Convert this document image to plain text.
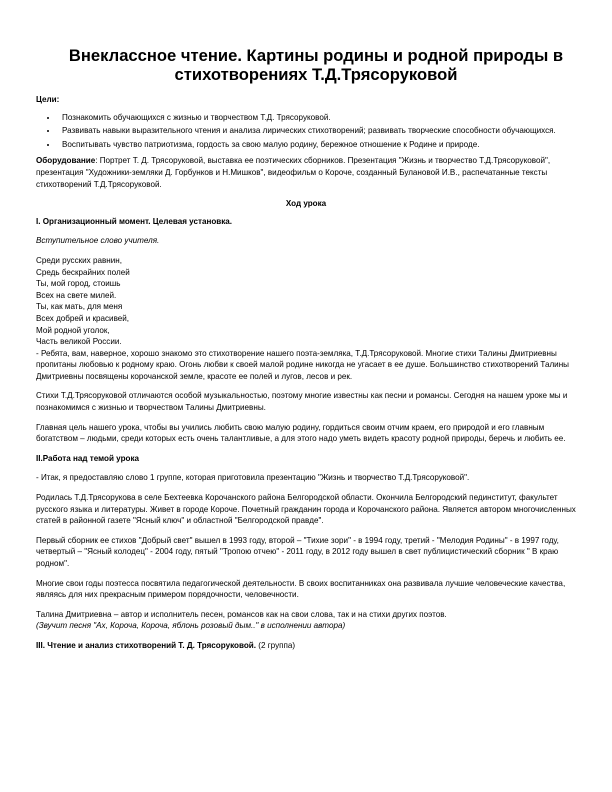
Внеклассное чтение. Картины родины и родной природы в стихотворениях Т.Д.Трясоруковой
Цели:
• Познакомить обучающихся с жизнью и творчеством Т.Д. Трясоруковой.
• Развивать навыки выразительного чтения и анализа лирических стихотворений; развивать творческие способности обучающихся.
• Воспитывать чувство патриотизма, гордость за свою малую родину, бережное отношение к Родине и природе.

Оборудование: Портрет Т. Д. Трясоруковой, выставка ее поэтических сборников. Презентация "Жизнь и творчество Т.Д.Трясоруковой", презентация "Художники-земляки Д. Горбунков и Н.Мишков", видеофильм о Короче, созданный Булановой И.В., распечатанные тексты стихотворений Т.Д.Трясоруковой.

Ход урока
I. Организационный момент. Целевая установка.

Вступительное слово учителя.

Среди русских равнин,
Средь бескрайних полей
Ты, мой город, стоишь
Всех на свете милей.
Ты, как мать, для меня
Всех добрей и красивей,
Мой родной уголок,
Часть великой России.

- Ребята, вам, наверное, хорошо знакомо это стихотворение нашего поэта-земляка, Т.Д.Трясоруковой. Многие стихи Талины Дмитриевны пропитаны любовью к родному краю. Огонь любви к своей малой родине никогда не угасает в ее душе. Большинство стихотворений Талины Дмитриевны посвящены корочанской земле, красоте ее полей и лугов, лесов и рек.

Стихи Т.Д.Трясоруковой отличаются особой музыкальностью, поэтому многие известны как песни и романсы. Сегодня на нашем уроке мы и познакомимся с жизнью и творчеством Талины Дмитриевны.

Главная цель нашего урока, чтобы вы учились любить свою малую родину, гордиться своим отчим краем, его природой и его главным богатством – людьми, среди которых есть очень талантливые, а для этого надо уметь видеть красоту родной природы, беречь и любить ее.

II.Работа над темой урока

- Итак, я предоставляю слово 1 группе, которая приготовила презентацию "Жизнь и творчество Т.Д.Трясоруковой".

Родилась Т.Д.Трясорукова в селе Бехтеевка Корочанского района Белгородской области. Окончила Белгородский пединститут, факультет русского языка и литературы. Живет в городе Короче. Почетный гражданин города и Корочанского района. Является автором многочисленных статей в районной газете "Ясный ключ" и областной "Белгородской правде".

Первый сборник ее стихов "Добрый свет" вышел в 1993 году, второй – "Тихие зори" - в 1994 году, третий - "Мелодия Родины" - в 1997 году, четвертый – "Ясный колодец" - 2004 году, пятый "Тропою отчею" - 2011 году, в 2012 году вышел в свет публицистический сборник " В краю родном".

Многие свои годы поэтесса посвятила педагогической деятельности. В своих воспитанниках она развивала лучшие человеческие качества, являясь для них прекрасным примером порядочности, человечности.

Талина Дмитриевна – автор и исполнитель песен, романсов как на свои слова, так и на стихи других поэтов.
(Звучит песня "Ах, Короча, Короча, яблонь розовый дым.." в исполнении автора)

III. Чтение и анализ стихотворений Т. Д. Трясоруковой. (2 группа)
